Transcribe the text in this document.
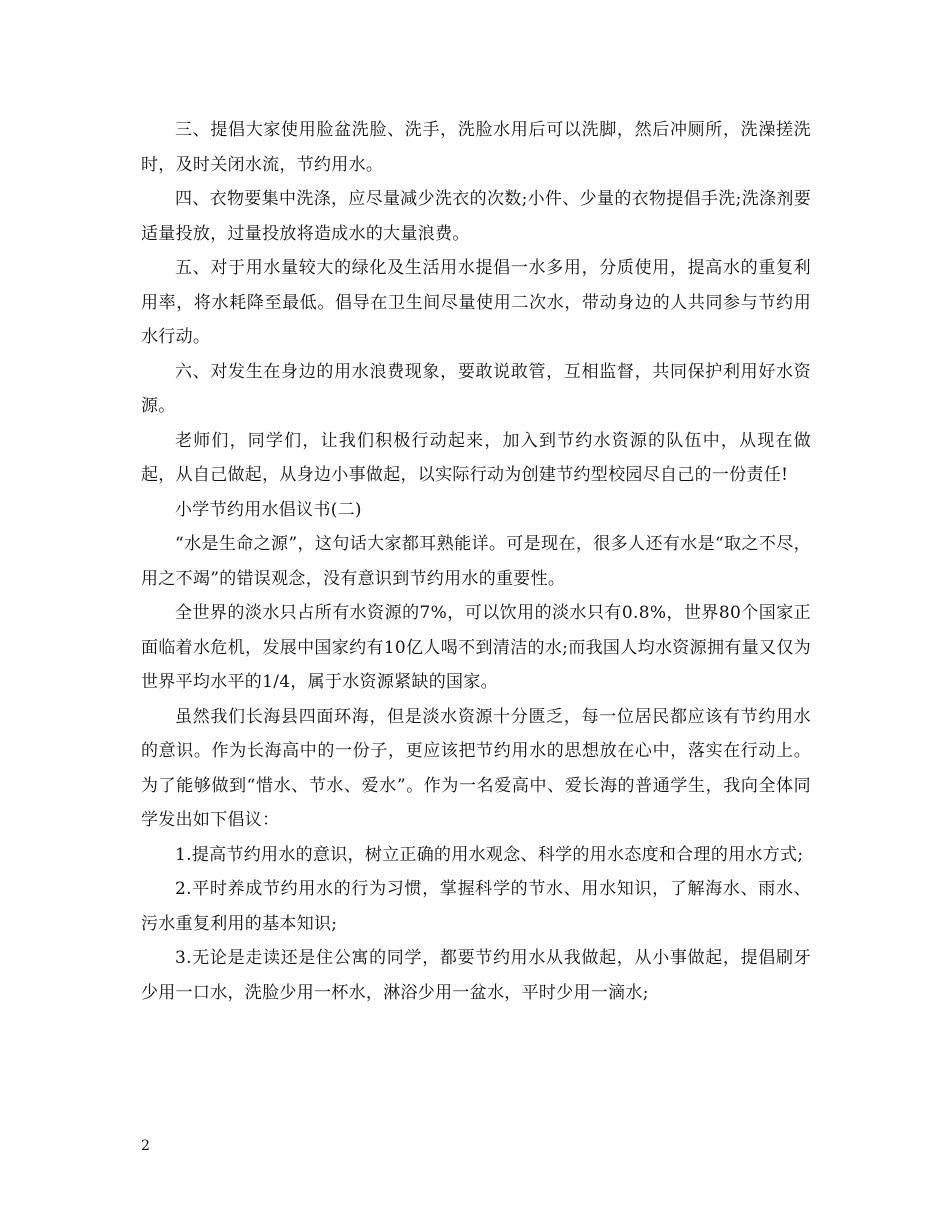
三、提倡大家使用脸盆洗脸、洗手，洗脸水用后可以洗脚，然后冲厕所，洗澡搓洗时，及时关闭水流，节约用水。

四、衣物要集中洗涤，应尽量减少洗衣的次数;小件、少量的衣物提倡手洗;洗涤剂要适量投放，过量投放将造成水的大量浪费。

五、对于用水量较大的绿化及生活用水提倡一水多用，分质使用，提高水的重复利用率，将水耗降至最低。倡导在卫生间尽量使用二次水，带动身边的人共同参与节约用水行动。

六、对发生在身边的用水浪费现象，要敢说敢管，互相监督，共同保护利用好水资源。

老师们，同学们，让我们积极行动起来，加入到节约水资源的队伍中，从现在做起，从自己做起，从身边小事做起，以实际行动为创建节约型校园尽自己的一份责任!

小学节约用水倡议书(二)

“水是生命之源”，这句话大家都耳熟能详。可是现在，很多人还有水是“取之不尽，用之不竭”的错误观念，没有意识到节约用水的重要性。

全世界的淡水只占所有水资源的7%，可以饮用的淡水只有0.8%，世界80个国家正面临着水危机，发展中国家约有10亿人喝不到清洁的水;而我国人均水资源拥有量又仅为世界平均水平的1/4，属于水资源紧缺的国家。

虽然我们长海县四面环海，但是淡水资源十分匮乏，每一位居民都应该有节约用水的意识。作为长海高中的一份子，更应该把节约用水的思想放在心中，落实在行动上。为了能够做到“惜水、节水、爱水”。作为一名爱高中、爱长海的普通学生，我向全体同学发出如下倡议：

1.提高节约用水的意识，树立正确的用水观念、科学的用水态度和合理的用水方式;

2.平时养成节约用水的行为习惯，掌握科学的节水、用水知识，了解海水、雨水、污水重复利用的基本知识;

3.无论是走读还是住公寓的同学，都要节约用水从我做起，从小事做起，提倡刷牙少用一口水，洗脸少用一杯水，淋浴少用一盆水，平时少用一滴水;

2
